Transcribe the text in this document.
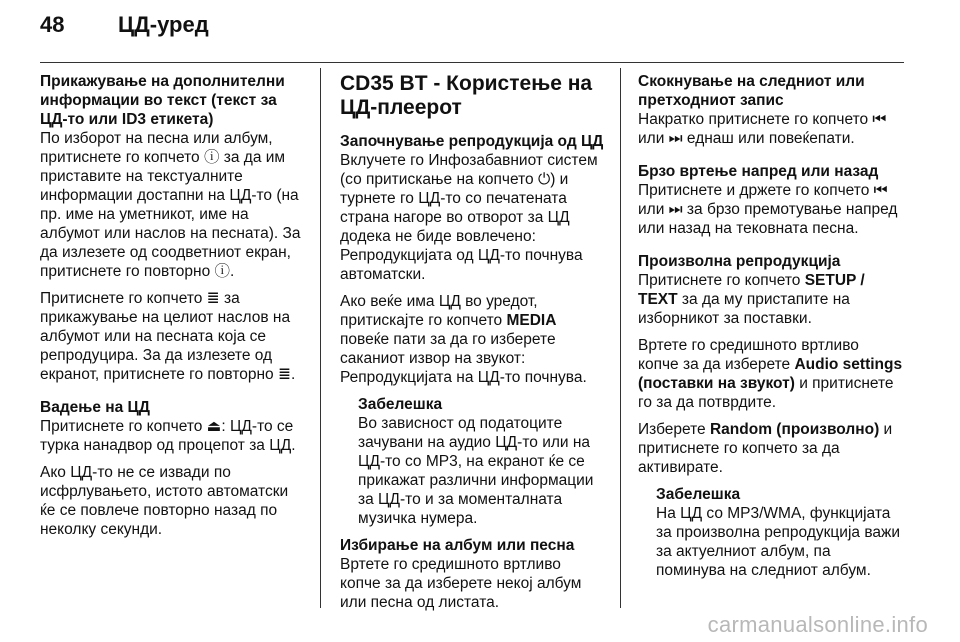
48 ЦД-уред

Прикажување на дополнителни информации во текст (текст за ЦД-то или ID3 етикета)

По изборот на песна или албум, притиснете го копчето ⓘ за да им приставите на текстуалните информации достапни на ЦД-то (на пр. име на уметникот, име на албумот или наслов на песната). За да излезете од соодветниот екран, притиснете го повторно ⓘ.

Притиснете го копчето ≣ за прикажување на целиот наслов на албумот или на песната која се репродуцира. За да излезете од екранот, притиснете го повторно ≣.

Вадење на ЦД

Притиснете го копчето ⏏: ЦД-то се турка нанадвор од процепот за ЦД.

Ако ЦД-то не се извади по исфрлувањето, истото автоматски ќе се повлече повторно назад по неколку секунди.

CD35 BT - Користење на ЦД-плеерот

Започнување репродукција од ЦД

Вклучете го Инфозабавниот систем (со притискање на копчето ⏻) и турнете го ЦД-то со печатената страна нагоре во отворот за ЦД додека не биде вовлечено: Репродукцијата од ЦД-то почнува автоматски.

Ако веќе има ЦД во уредот, притискајте го копчето MEDIA повеќе пати за да го изберете саканиот извор на звукот: Репродукцијата на ЦД-то почнува.

Забелешка

Во зависност од податоците зачувани на аудио ЦД-то или на ЦД-то со MP3, на екранот ќе се прикажат различни информации за ЦД-то и за моменталната музичка нумера.

Избирање на албум или песна

Вртете го средишното вртливо копче за да изберете некој албум или песна од листата.

Скокнување на следниот или претходниот запис

Накратко притиснете го копчето ⏮ или ⏭ еднаш или повеќепати.

Брзо вртење напред или назад

Притиснете и држете го копчето ⏮ или ⏭ за брзо премотување напред или назад на тековната песна.

Произволна репродукција

Притиснете го копчето SETUP / TEXT за да му пристапите на изборникот за поставки.

Вртете го средишното вртливо копче за да изберете Audio settings (поставки на звукот) и притиснете го за да потврдите.

Изберете Random (произволно) и притиснете го копчето за да активирате.

Забелешка

На ЦД со MP3/WMA, функцијата за произволна репродукција важи за актуелниот албум, па поминува на следниот албум.

carmanualsonline.info
